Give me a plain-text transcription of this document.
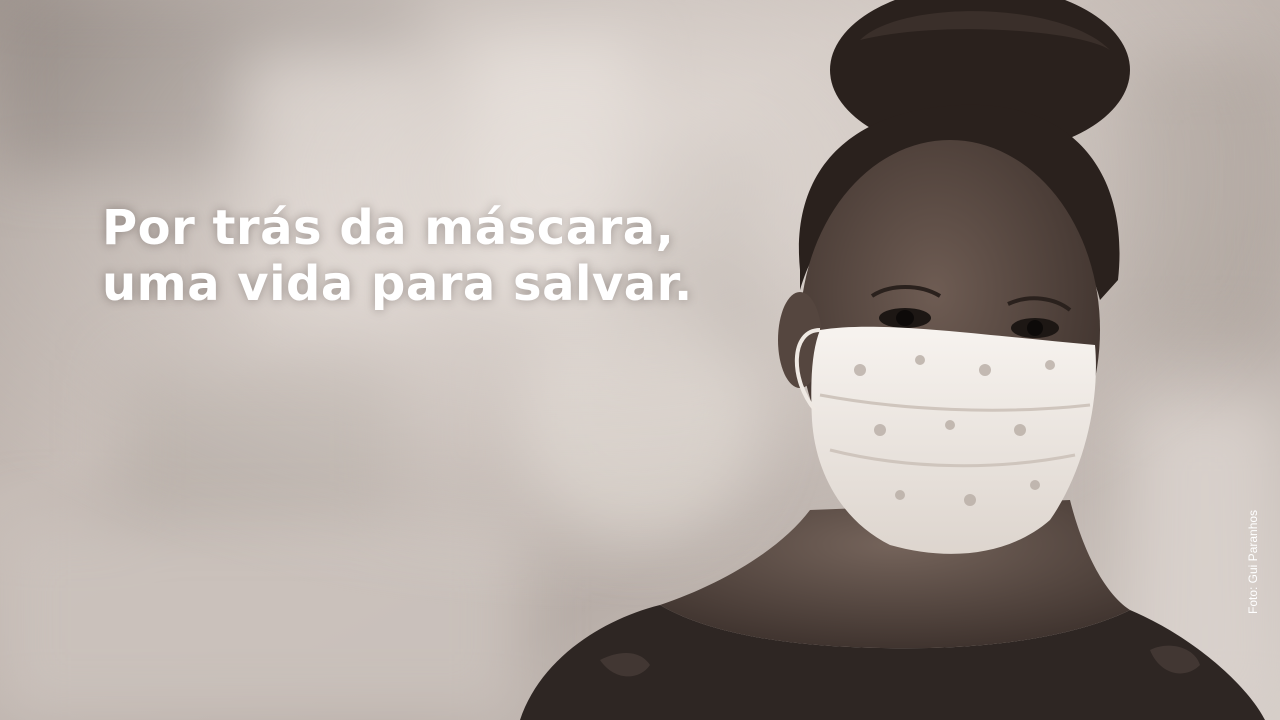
Por trás da máscara,
uma vida para salvar.
Foto: Gui Paranhos
